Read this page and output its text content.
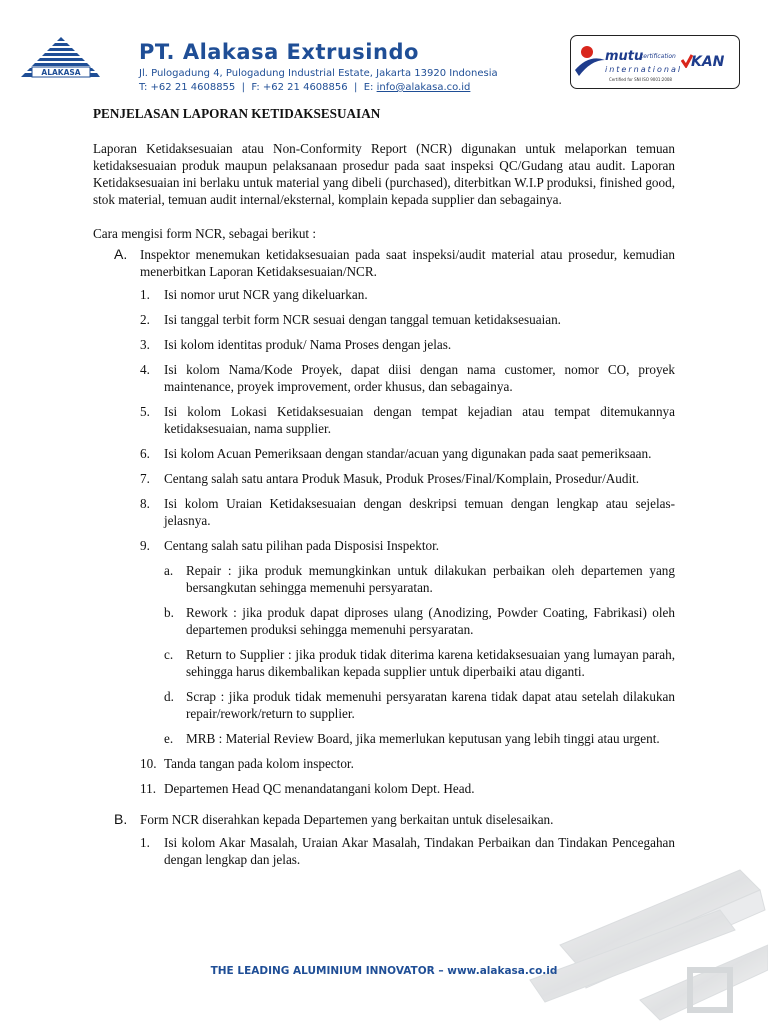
ALAKASA
PT. Alakasa Extrusindo
Jl. Pulogadung 4, Pulogadung Industrial Estate, Jakarta 13920 Indonesia
T: +62 21 4608855 | F: +62 21 4608856 | E: info@alakasa.co.id
mutu
certification
international
Certified for SNI ISO 9001:2008
KAN
PENJELASAN LAPORAN KETIDAKSESUAIAN

Laporan Ketidaksesuaian atau Non-Conformity Report (NCR) digunakan untuk melaporkan temuan ketidaksesuaian produk maupun pelaksanaan prosedur pada saat inspeksi QC/Gudang atau audit. Laporan Ketidaksesuaian ini berlaku untuk material yang dibeli (purchased), diterbitkan W.I.P produksi, finished good, stok material, temuan audit internal/eksternal, komplain kepada supplier dan sebagainya.

Cara mengisi form NCR, sebagai berikut :

A. Inspektor menemukan ketidaksesuaian pada saat inspeksi/audit material atau prosedur, kemudian menerbitkan Laporan Ketidaksesuaian/NCR.

1.	Isi nomor urut NCR yang dikeluarkan.
2.	Isi tanggal terbit form NCR sesuai dengan tanggal temuan ketidaksesuaian.
3.	Isi kolom identitas produk/ Nama Proses dengan jelas.
4.	Isi kolom Nama/Kode Proyek, dapat diisi dengan nama customer, nomor CO, proyek maintenance, proyek improvement, order khusus, dan sebagainya.
5.	Isi kolom Lokasi Ketidaksesuaian dengan tempat kejadian atau tempat ditemukannya ketidaksesuaian, nama supplier.
6.	Isi kolom Acuan Pemeriksaan dengan standar/acuan yang digunakan pada saat pemeriksaan.
7.	Centang salah satu antara Produk Masuk, Produk Proses/Final/Komplain, Prosedur/Audit.
8.	Isi kolom Uraian Ketidaksesuaian dengan deskripsi temuan dengan lengkap atau sejelas-jelasnya.
9.	Centang salah satu pilihan pada Disposisi Inspektor.
a. Repair : jika produk memungkinkan untuk dilakukan perbaikan oleh departemen yang bersangkutan sehingga memenuhi persyaratan.
b. Rework : jika produk dapat diproses ulang (Anodizing, Powder Coating, Fabrikasi) oleh departemen produksi sehingga memenuhi persyaratan.
c. Return to Supplier : jika produk tidak diterima karena ketidaksesuaian yang lumayan parah, sehingga harus dikembalikan kepada supplier untuk diperbaiki atau diganti.
d. Scrap : jika produk tidak memenuhi persyaratan karena tidak dapat atau setelah dilakukan repair/rework/return to supplier.
e. MRB : Material Review Board, jika memerlukan keputusan yang lebih tinggi atau urgent.
10. Tanda tangan pada kolom inspector.
11. Departemen Head QC menandatangani kolom Dept. Head.
B. Form NCR diserahkan kepada Departemen yang berkaitan untuk diselesaikan.

1.	Isi kolom Akar Masalah, Uraian Akar Masalah, Tindakan Perbaikan dan Tindakan Pencegahan dengan lengkap dan jelas.
THE LEADING ALUMINIUM INNOVATOR – www.alakasa.co.id
